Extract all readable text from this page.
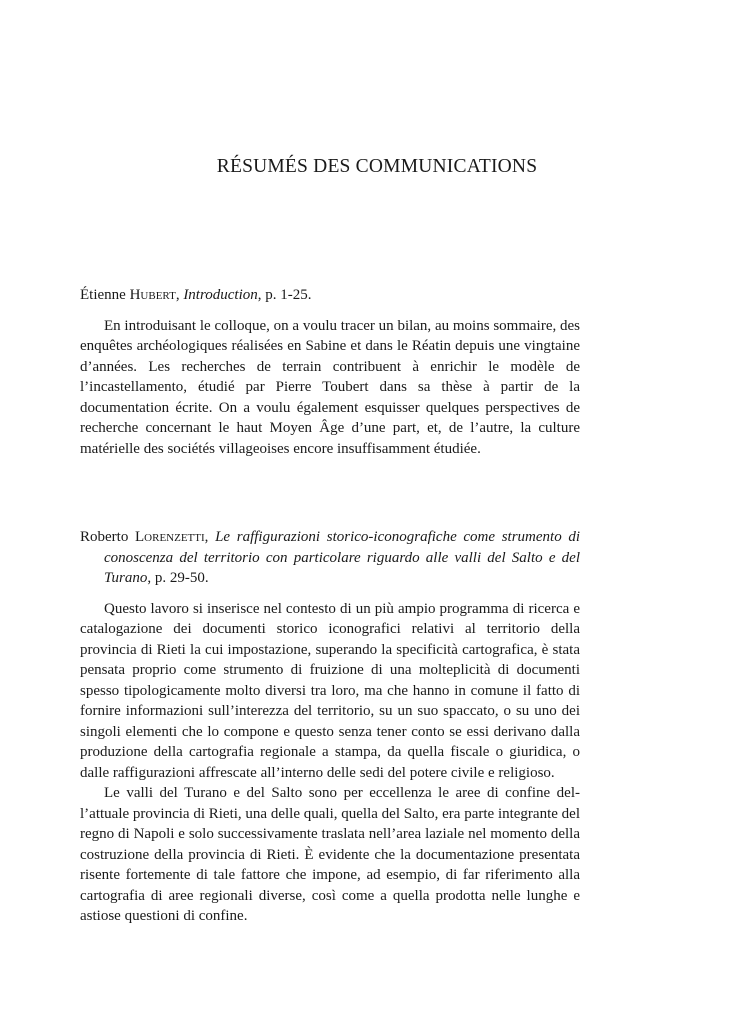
RÉSUMÉS DES COMMUNICATIONS

Étienne Hubert, Introduction, p. 1-25.

En introduisant le colloque, on a voulu tracer un bilan, au moins sommaire, des enquêtes archéologiques réalisées en Sabine et dans le Réatin depuis une vingtaine d’années. Les recherches de terrain contribuent à enrichir le modèle de l’incastellamento, étudié par Pierre Toubert dans sa thèse à partir de la documentation écrite. On a voulu également esquisser quelques perspectives de recherche concernant le haut Moyen Âge d’une part, et, de l’autre, la culture matérielle des sociétés villageoises encore insuffisamment étudiée.

Roberto Lorenzetti, Le raffigurazioni storico-iconografiche come strumento di conoscenza del territorio con particolare riguardo alle valli del Salto e del Turano, p. 29-50.

Questo lavoro si inserisce nel contesto di un più ampio programma di ricerca e catalogazione dei documenti storico iconografici relativi al territorio della provincia di Rieti la cui impostazione, superando la specificità cartografica, è stata pensata proprio come strumento di fruizione di una molteplicità di documenti spesso tipologicamente molto diversi tra loro, ma che hanno in comune il fatto di fornire informazioni sull’interezza del territorio, su un suo spaccato, o su uno dei singoli elementi che lo compone e questo senza tener conto se essi derivano dalla produzione della cartografia regionale a stampa, da quella fiscale o giuridica, o dalle raffigurazioni affrescate all’interno delle sedi del potere civile e religioso.

Le valli del Turano e del Salto sono per eccellenza le aree di confine dell’attuale provincia di Rieti, una delle quali, quella del Salto, era parte integrante del regno di Napoli e solo successivamente traslata nell’area laziale nel momento della costruzione della provincia di Rieti. È evidente che la documentazione presentata risente fortemente di tale fattore che impone, ad esempio, di far riferimento alla cartografia di aree regionali diverse, così come a quella prodotta nelle lunghe e astiose questioni di confine.
